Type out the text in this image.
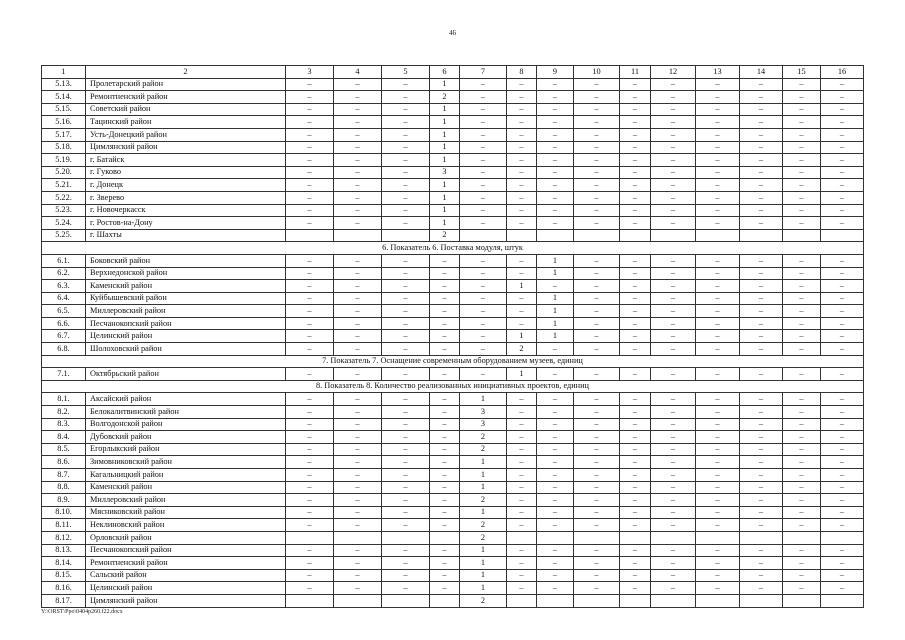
46
1	2	3	4	5	6	7	8	9	10	11	12	13	14	15	16
5.13.	Пролетарский район	–	–	–	1	–	–	–	–	–	–	–	–	–	–
5.14.	Ремонтненский район	–	–	–	2	–	–	–	–	–	–	–	–	–	–
5.15.	Советский район	–	–	–	1	–	–	–	–	–	–	–	–	–	–
5.16.	Тацинский район	–	–	–	1	–	–	–	–	–	–	–	–	–	–
5.17.	Усть-Донецкий район	–	–	–	1	–	–	–	–	–	–	–	–	–	–
5.18.	Цимлянский район	–	–	–	1	–	–	–	–	–	–	–	–	–	–
5.19.	г. Батайск	–	–	–	1	–	–	–	–	–	–	–	–	–	–
5.20.	г. Гуково	–	–	–	3	–	–	–	–	–	–	–	–	–	–
5.21.	г. Донецк	–	–	–	1	–	–	–	–	–	–	–	–	–	–
5.22.	г. Зверево	–	–	–	1	–	–	–	–	–	–	–	–	–	–
5.23.	г. Новочеркасск	–	–	–	1	–	–	–	–	–	–	–	–	–	–
5.24.	г. Ростов-на-Дону	–	–	–	1	–	–	–	–	–	–	–	–	–	–
5.25.	г. Шахты				2										
6. Показатель 6. Поставка модуля, штук															
6.1.	Боковский район	–	–	–	–	–	–	1	–	–	–	–	–	–	–
6.2.	Верхнедонской район	–	–	–	–	–	–	1	–	–	–	–	–	–	–
6.3.	Каменский район	–	–	–	–	–	1	–	–	–	–	–	–	–	–
6.4.	Куйбышевский район	–	–	–	–	–	–	1	–	–	–	–	–	–	–
6.5.	Миллеровский район	–	–	–	–	–	–	1	–	–	–	–	–	–	–
6.6.	Песчанокопский район	–	–	–	–	–	–	1	–	–	–	–	–	–	–
6.7.	Целинский район	–	–	–	–	–	1	1	–	–	–	–	–	–	–
6.8.	Шолоховский район	–	–	–	–	–	2	–	–	–	–	–	–	–	–
7. Показатель 7. Оснащение современным оборудованием музеев, единиц															
7.1.	Октябрьский район	–	–	–	–	–	1	–	–	–	–	–	–	–	–
8. Показатель 8. Количество реализованных инициативных проектов, единиц															
8.1.	Аксайский район	–	–	–	–	1	–	–	–	–	–	–	–	–	–
8.2.	Белокалитвинский район	–	–	–	–	3	–	–	–	–	–	–	–	–	–
8.3.	Волгодонской район	–	–	–	–	3	–	–	–	–	–	–	–	–	–
8.4.	Дубовский район	–	–	–	–	2	–	–	–	–	–	–	–	–	–
8.5.	Егорлыкский район	–	–	–	–	2	–	–	–	–	–	–	–	–	–
8.6.	Зимовниковский район	–	–	–	–	1	–	–	–	–	–	–	–	–	–
8.7.	Кагальницкий район	–	–	–	–	1	–	–	–	–	–	–	–	–	–
8.8.	Каменский район	–	–	–	–	1	–	–	–	–	–	–	–	–	–
8.9.	Миллеровский район	–	–	–	–	2	–	–	–	–	–	–	–	–	–
8.10.	Мясниковский район	–	–	–	–	1	–	–	–	–	–	–	–	–	–
8.11.	Неклиновский район	–	–	–	–	2	–	–	–	–	–	–	–	–	–
8.12.	Орловский район					2									
8.13.	Песчанокопский район	–	–	–	–	1	–	–	–	–	–	–	–	–	–
8.14.	Ремонтненский район	–	–	–	–	1	–	–	–	–	–	–	–	–	–
8.15.	Сальский район	–	–	–	–	1	–	–	–	–	–	–	–	–	–
8.16.	Целинский район	–	–	–	–	1	–	–	–	–	–	–	–	–	–
8.17.	Цимлянский район					2									
Y:\ORST\Ppo\0404p260.f22.docx
